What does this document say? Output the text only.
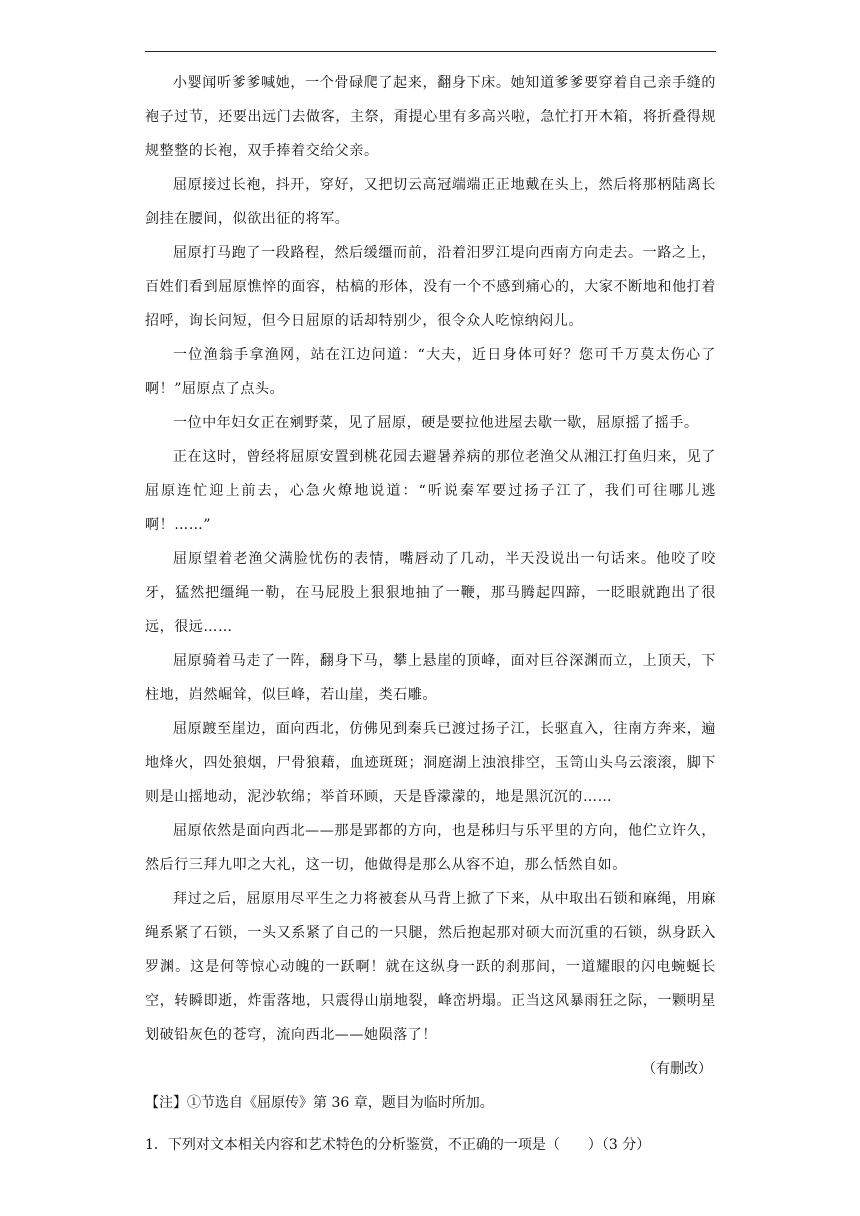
小婴闻听爹爹喊她，一个骨碌爬了起来，翻身下床。她知道爹爹要穿着自己亲手缝的袍子过节，还要出远门去做客，主祭，甭提心里有多高兴啦，急忙打开木箱，将折叠得规规整整的长袍，双手捧着交给父亲。

屈原接过长袍，抖开，穿好，又把切云高冠端端正正地戴在头上，然后将那柄陆离长剑挂在腰间，似欲出征的将军。

屈原打马跑了一段路程，然后缓缰而前，沿着汨罗江堤向西南方向走去。一路之上，百姓们看到屈原憔悴的面容，枯槁的形体，没有一个不感到痛心的，大家不断地和他打着招呼，询长问短，但今日屈原的话却特别少，很令众人吃惊纳闷儿。

一位渔翁手拿渔网，站在江边问道：“大夫，近日身体可好？您可千万莫太伤心了啊！”屈原点了点头。

一位中年妇女正在剜野菜，见了屈原，硬是要拉他进屋去歇一歇，屈原摇了摇手。

正在这时，曾经将屈原安置到桃花园去避暑养病的那位老渔父从湘江打鱼归来，见了屈原连忙迎上前去，心急火燎地说道：“听说秦军要过扬子江了，我们可往哪儿逃啊！……”

屈原望着老渔父满脸忧伤的表情，嘴唇动了几动，半天没说出一句话来。他咬了咬牙，猛然把缰绳一勒，在马屁股上狠狠地抽了一鞭，那马腾起四蹄，一眨眼就跑出了很远，很远……

屈原骑着马走了一阵，翻身下马，攀上悬崖的顶峰，面对巨谷深渊而立，上顶天，下柱地，岿然崛耸，似巨峰，若山崖，类石雕。

屈原踱至崖边，面向西北，仿佛见到秦兵已渡过扬子江，长驱直入，往南方奔来，遍地烽火，四处狼烟，尸骨狼藉，血迹斑斑；洞庭湖上浊浪排空，玉笥山头乌云滚滚，脚下则是山摇地动，泥沙软绵；举首环顾，天是昏濛濛的，地是黑沉沉的……

屈原依然是面向西北——那是郢都的方向，也是秭归与乐平里的方向，他伫立许久，然后行三拜九叩之大礼，这一切，他做得是那么从容不迫，那么恬然自如。

拜过之后，屈原用尽平生之力将被套从马背上掀了下来，从中取出石锁和麻绳，用麻绳系紧了石锁，一头又系紧了自己的一只腿，然后抱起那对硕大而沉重的石锁，纵身跃入罗渊。这是何等惊心动魄的一跃啊！就在这纵身一跃的刹那间，一道耀眼的闪电蜿蜒长空，转瞬即逝，炸雷落地，只震得山崩地裂，峰峦坍塌。正当这风暴雨狂之际，一颗明星划破铅灰色的苍穹，流向西北——她陨落了！

（有删改）

【注】①节选自《屈原传》第 36 章，题目为临时所加。

1．下列对文本相关内容和艺术特色的分析鉴赏，不正确的一项是（　　）（3 分）
